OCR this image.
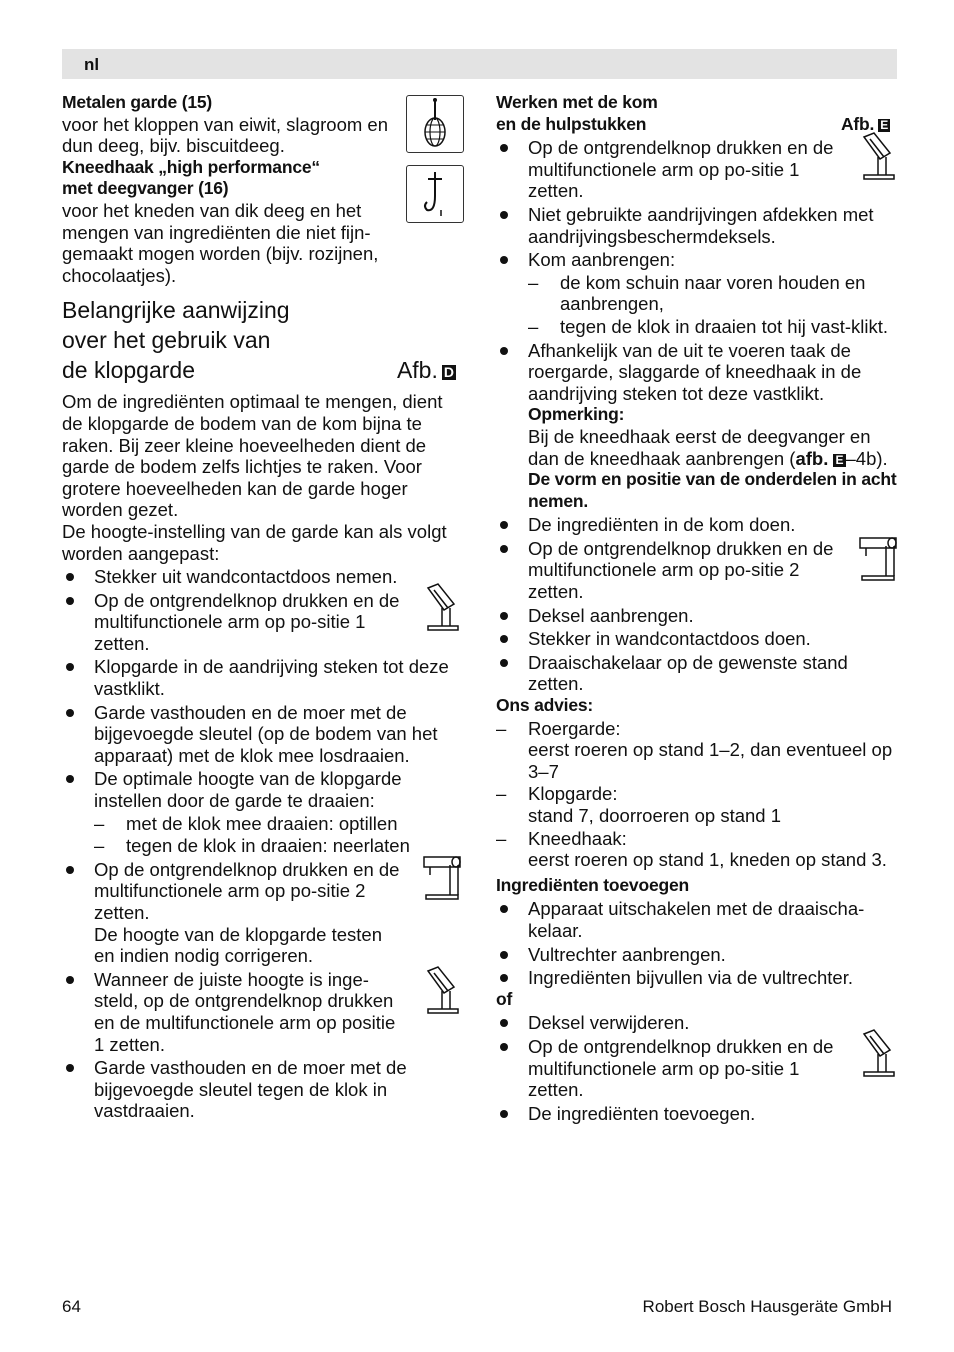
nl
Metalen garde (15)

voor het kloppen van eiwit, slagroom en dun deeg, bijv. biscuitdeeg.

Kneedhaak „high performance“
met deegvanger (16)

voor het kneden van dik deeg en het mengen van ingrediënten die niet fijn-gemaakt mogen worden (bijv. rozijnen, chocolaatjes).

Belangrijke aanwijzing
over het gebruik van
de klopgarde	Afb. D

Om de ingrediënten optimaal te mengen, dient de klopgarde de bodem van de kom bijna te raken. Bij zeer kleine hoeveelheden dient de garde de bodem zelfs lichtjes te raken. Voor grotere hoeveelheden kan de garde hoger worden gezet.

De hoogte-instelling van de garde kan als volgt worden aangepast:

Stekker uit wandcontactdoos nemen.
Op de ontgrendelknop drukken en de multifunctionele arm op po-sitie 1 zetten.
Klopgarde in de aandrijving steken tot deze vastklikt.
Garde vasthouden en de moer met de bijgevoegde sleutel (op de bodem van het apparaat) met de klok mee losdraaien.
De optimale hoogte van de klopgarde instellen door de garde te draaien:
– met de klok mee draaien: optillen
– tegen de klok in draaien: neerlaten
Op de ontgrendelknop drukken en de multifunctionele arm op po-sitie 2 zetten.
De hoogte van de klopgarde testen en indien nodig corrigeren.
Wanneer de juiste hoogte is inge-steld, op de ontgrendelknop drukken en de multifunctionele arm op positie 1 zetten.
Garde vasthouden en de moer met de bijgevoegde sleutel tegen de klok in vastdraaien.
Werken met de kom
en de hulpstukken	Afb. E
Op de ontgrendelknop drukken en de multifunctionele arm op po-sitie 1 zetten.
Niet gebruikte aandrijvingen afdekken met aandrijvingsbeschermdeksels.
Kom aanbrengen:
– de kom schuin naar voren houden en aanbrengen,
– tegen de klok in draaien tot hij vast-klikt.
Afhankelijk van de uit te voeren taak de roergarde, slaggarde of kneedhaak in de aandrijving steken tot deze vastklikt.
Opmerking:
Bij de kneedhaak eerst de deegvanger en dan de kneedhaak aanbrengen (afb. E –4b).
De vorm en positie van de onderdelen in acht nemen.
De ingrediënten in de kom doen.
Op de ontgrendelknop drukken en de multifunctionele arm op po-sitie 2 zetten.
Deksel aanbrengen.
Stekker in wandcontactdoos doen.
Draaischakelaar op de gewenste stand zetten.
Ons advies:
– Roergarde:
eerst roeren op stand 1–2, dan eventueel op 3–7
– Klopgarde:
stand 7, doorroeren op stand 1
– Kneedhaak:
eerst roeren op stand 1, kneden op stand 3.
Ingrediënten toevoegen
Apparaat uitschakelen met de draaischa-kelaar.
Vultrechter aanbrengen.
Ingrediënten bijvullen via de vultrechter.
of
Deksel verwijderen.
Op de ontgrendelknop drukken en de multifunctionele arm op po-sitie 1 zetten.
De ingrediënten toevoegen.
64	Robert Bosch Hausgeräte GmbH
